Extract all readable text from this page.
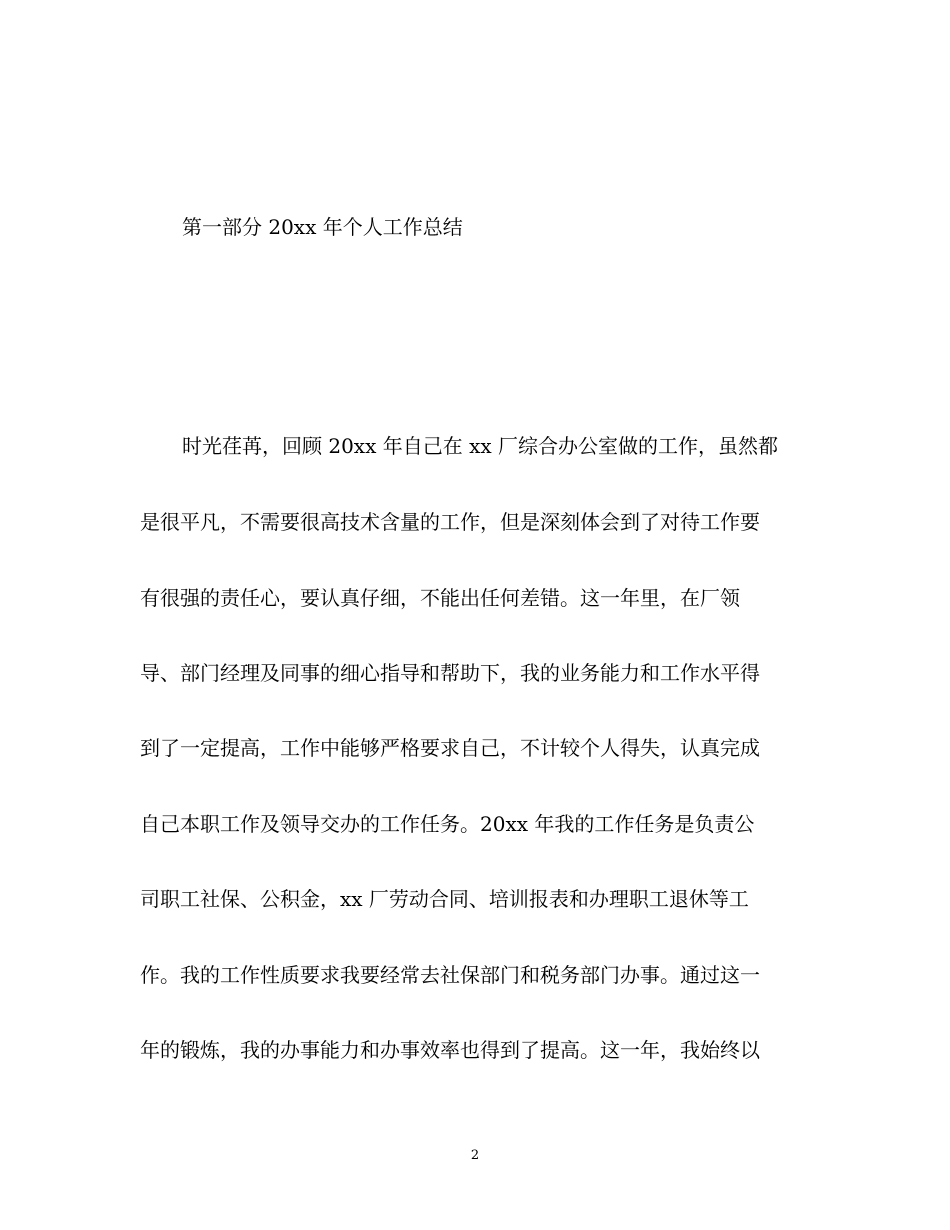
第一部分 20xx 年个人工作总结
时光荏苒，回顾 20xx 年自己在 xx 厂综合办公室做的工作，虽然都
是很平凡，不需要很高技术含量的工作，但是深刻体会到了对待工作要
有很强的责任心，要认真仔细，不能出任何差错。这一年里，在厂领
导、部门经理及同事的细心指导和帮助下，我的业务能力和工作水平得
到了一定提高，工作中能够严格要求自己，不计较个人得失，认真完成
自己本职工作及领导交办的工作任务。20xx 年我的工作任务是负责公
司职工社保、公积金，xx 厂劳动合同、培训报表和办理职工退休等工
作。我的工作性质要求我要经常去社保部门和税务部门办事。通过这一
年的锻炼，我的办事能力和办事效率也得到了提高。这一年，我始终以
2
